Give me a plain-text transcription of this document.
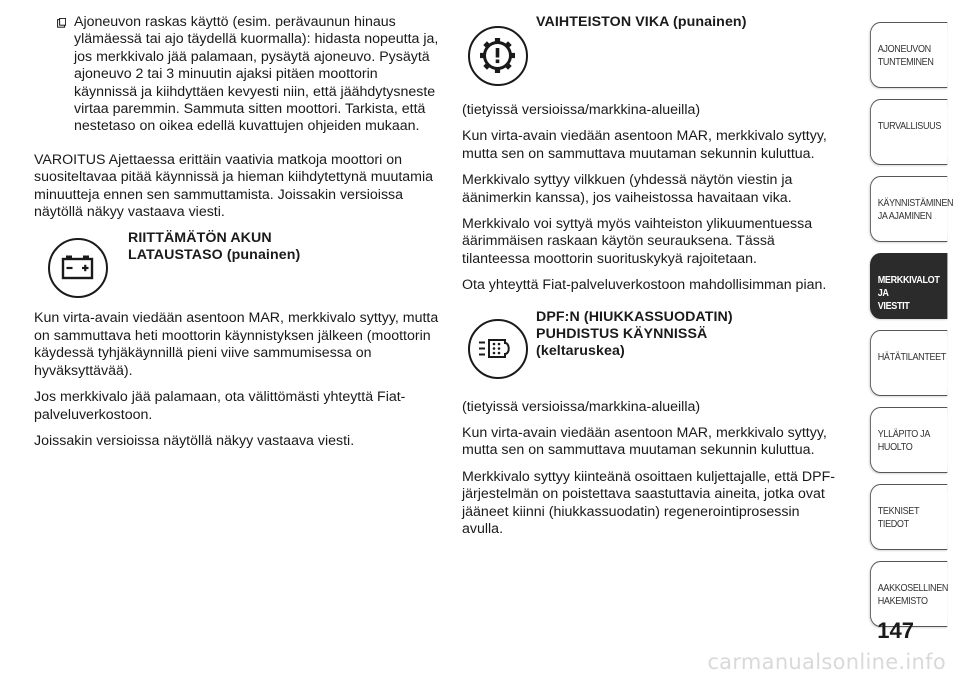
Ajoneuvon raskas käyttö (esim. perävaunun hinaus ylämäessä tai ajo täydellä kuormalla): hidasta nopeutta ja, jos merkkivalo jää palamaan, pysäytä ajoneuvo. Pysäytä ajoneuvo 2 tai 3 minuutin ajaksi pitäen moottorin käynnissä ja kiihdyttäen kevyesti niin, että jäähdytysneste virtaa paremmin. Sammuta sitten moottori. Tarkista, että nestetaso on oikea edellä kuvattujen ohjeiden mukaan.

VAROITUS Ajettaessa erittäin vaativia matkoja moottori on suositeltavaa pitää käynnissä ja hieman kiihdytettynä muutamia minuutteja ennen sen sammuttamista. Joissakin versioissa näytöllä näkyy vastaava viesti.

RIITTÄMÄTÖN AKUN
LATAUSTASO (punainen)

Kun virta-avain viedään asentoon MAR, merkkivalo syttyy, mutta on sammuttava heti moottorin käynnistyksen jälkeen (moottorin käydessä tyhjäkäynnillä pieni viive sammumisessa on hyväksyttävää).

Jos merkkivalo jää palamaan, ota välittömästi yhteyttä Fiat-palveluverkostoon.

Joissakin versioissa näytöllä näkyy vastaava viesti.

VAIHTEISTON VIKA (punainen)

(tietyissä versioissa/markkina-alueilla)

Kun virta-avain viedään asentoon MAR, merkkivalo syttyy, mutta sen on sammuttava muutaman sekunnin kuluttua.

Merkkivalo syttyy vilkkuen (yhdessä näytön viestin ja äänimerkin kanssa), jos vaiheistossa havaitaan vika.

Merkkivalo voi syttyä myös vaihteiston ylikuumentuessa äärimmäisen raskaan käytön seurauksena. Tässä tilanteessa moottorin suorituskykyä rajoitetaan.

Ota yhteyttä Fiat-palveluverkostoon mahdollisimman pian.

DPF:N (HIUKKASSUODATIN)
PUHDISTUS KÄYNNISSÄ
(keltaruskea)

(tietyissä versioissa/markkina-alueilla)

Kun virta-avain viedään asentoon MAR, merkkivalo syttyy, mutta sen on sammuttava muutaman sekunnin kuluttua.

Merkkivalo syttyy kiinteänä osoittaen kuljettajalle, että DPF-järjestelmän on poistettava saastuttavia aineita, jotka ovat jääneet kiinni (hiukkassuodatin) regenerointiprosessin avulla.

AJONEUVON
TUNTEMINEN
TURVALLISUUS
KÄYNNISTÄMINEN
JA AJAMINEN
MERKKIVALOT JA
VIESTIT
HÄTÄTILANTEET
YLLÄPITO JA HUOLTO
TEKNISET TIEDOT
AAKKOSELLINEN
HAKEMISTO
147
carmanualsonline.info
